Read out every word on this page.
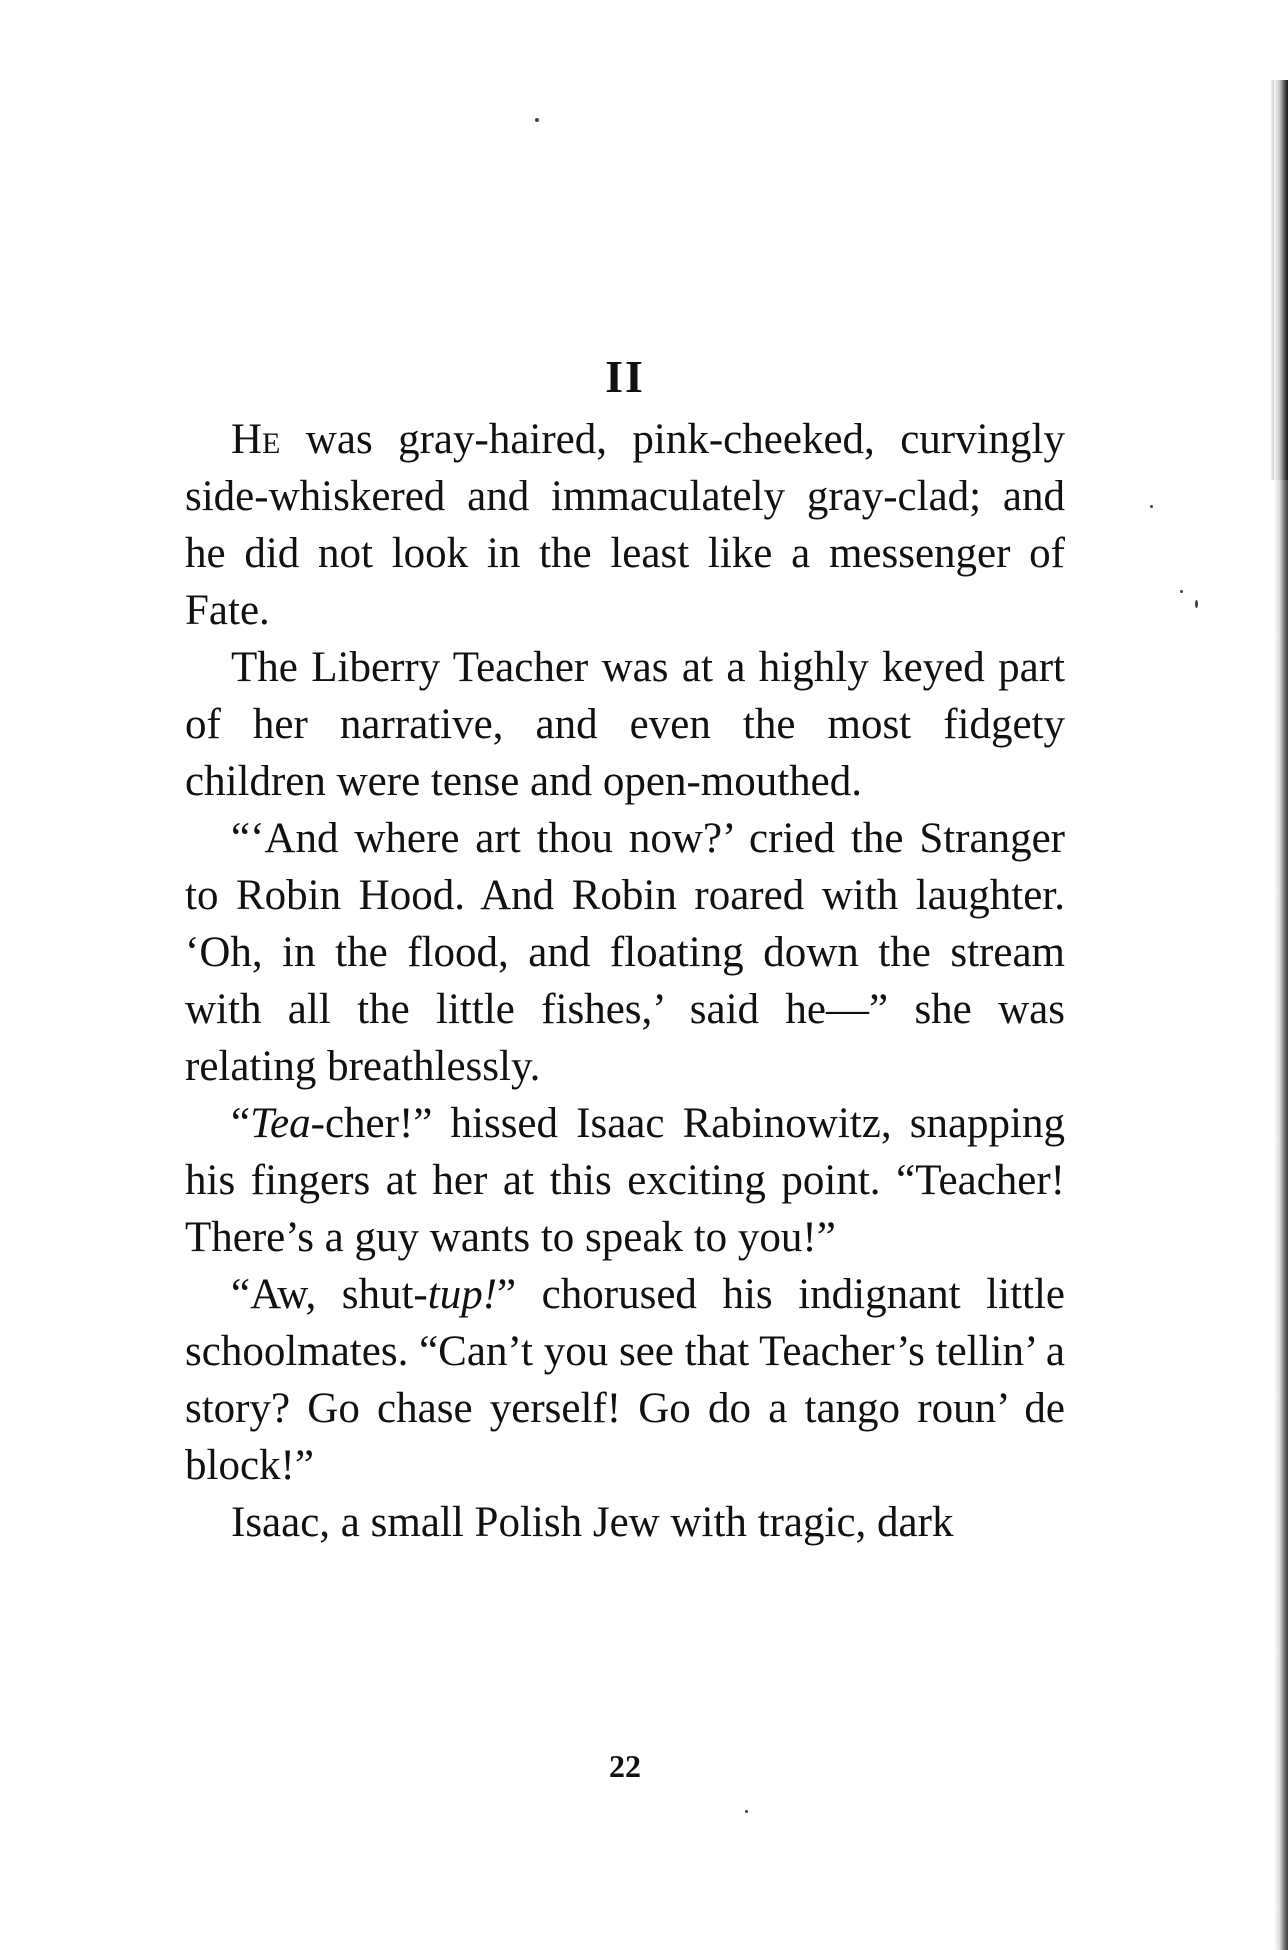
II

He was gray-haired, pink-cheeked, curvingly side-whiskered and immaculately gray-clad; and he did not look in the least like a messenger of Fate.

The Liberry Teacher was at a highly keyed part of her narrative, and even the most fidgety children were tense and open-mouthed.

“‘And where art thou now?’ cried the Stranger to Robin Hood. And Robin roared with laughter. ‘Oh, in the flood, and floating down the stream with all the little fishes,’ said he—” she was relating breathlessly.

“Tea-cher!” hissed Isaac Rabinowitz, snapping his fingers at her at this exciting point. “Teacher! There’s a guy wants to speak to you!”

“Aw, shut-tup!” chorused his indignant little schoolmates. “Can’t you see that Teacher’s tellin’ a story? Go chase yerself! Go do a tango roun’ de block!”

Isaac, a small Polish Jew with tragic, dark

22
